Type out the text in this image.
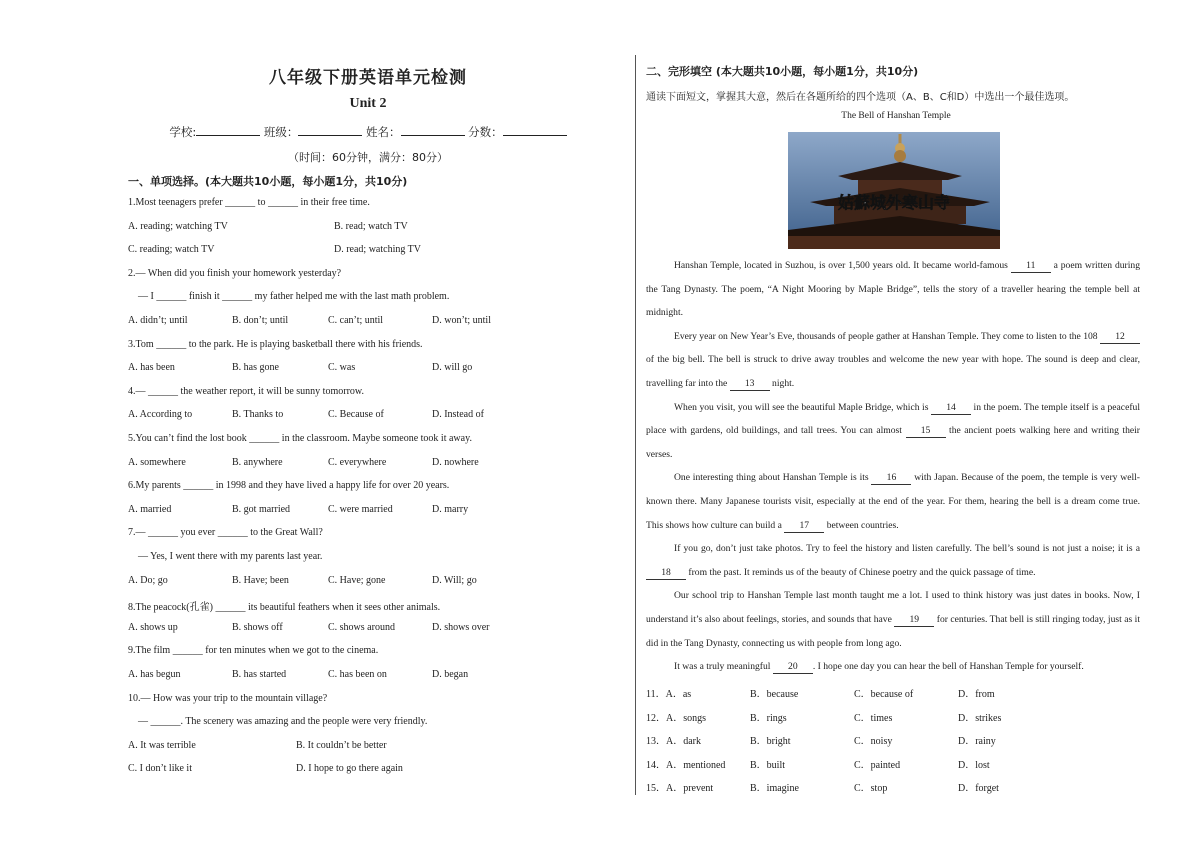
八年级下册英语单元检测
Unit 2
学校:	班级：	姓名：	分数：
（时间：60分钟，满分：80分）
一、单项选择。(本大题共10小题，每小题1分，共10分)
1.Most teenagers prefer ______ to ______ in their free time.
A. reading; watching TV	B. read; watch TV
C. reading; watch TV	D. read; watching TV
2.— When did you finish your homework yesterday?
— I ______ finish it ______ my father helped me with the last math problem.
A. didn’t; until	B. don’t; until	C. can’t; until	D. won’t; until
3.Tom ______ to the park. He is playing basketball there with his friends.
A. has been	B. has gone	C. was	D. will go
4.— ______ the weather report, it will be sunny tomorrow.
A. According to	B. Thanks to	C. Because of	D. Instead of
5.You can’t find the lost book ______ in the classroom. Maybe someone took it away.
A. somewhere	B. anywhere	C. everywhere	D. nowhere
6.My parents ______ in 1998 and they have lived a happy life for over 20 years.
A. married	B. got married	C. were married	D. marry
7.— ______ you ever ______ to the Great Wall?
— Yes, I went there with my parents last year.
A. Do; go	B. Have; been	C. Have; gone	D. Will; go
8.The peacock(孔雀) ______ its beautiful feathers when it sees other animals.
A. shows up	B. shows off	C. shows around	D. shows over
9.The film ______ for ten minutes when we got to the cinema.
A. has begun	B. has started	C. has been on	D. began
10.— How was your trip to the mountain village?
— ______. The scenery was amazing and the people were very friendly.
A. It was terrible	B. It couldn’t be better
C. I don’t like it	D. I hope to go there again
二、完形填空 (本大题共10小题，每小题1分，共10分)
通读下面短文，掌握其大意，然后在各题所给的四个选项（A、B、C和D）中选出一个最佳选项。
The Bell of Hanshan Temple
姑蘇城外寒山寺

Hanshan Temple, located in Suzhou, is over 1,500 years old. It became world-famous 11 a poem written during the Tang Dynasty. The poem, “A Night Mooring by Maple Bridge”, tells the story of a traveller hearing the temple bell at midnight.

Every year on New Year’s Eve, thousands of people gather at Hanshan Temple. They come to listen to the 108 12 of the big bell. The bell is struck to drive away troubles and welcome the new year with hope. The sound is deep and clear, travelling far into the 13 night.

When you visit, you will see the beautiful Maple Bridge, which is 14 in the poem. The temple itself is a peaceful place with gardens, old buildings, and tall trees. You can almost 15 the ancient poets walking here and writing their verses.

One interesting thing about Hanshan Temple is its 16 with Japan. Because of the poem, the temple is very well-known there. Many Japanese tourists visit, especially at the end of the year. For them, hearing the bell is a dream come true. This shows how culture can build a 17 between countries.

If you go, don’t just take photos. Try to feel the history and listen carefully. The bell’s sound is not just a noise; it is a 18 from the past. It reminds us of the beauty of Chinese poetry and the quick passage of time.

Our school trip to Hanshan Temple last month taught me a lot. I used to think history was just dates in books. Now, I understand it’s also about feelings, stories, and sounds that have 19 for centuries. That bell is still ringing today, just as it did in the Tang Dynasty, connecting us with people from long ago.

It was a truly meaningful 20 . I hope one day you can hear the bell of Hanshan Temple for yourself.

11．A．as	B．because	C．because of	D．from
12．A．songs	B．rings	C．times	D．strikes
13．A．dark	B．bright	C．noisy	D．rainy
14．A．mentioned B．built	C．painted	D．lost
15．A．prevent	B．imagine	C．stop	D．forget
